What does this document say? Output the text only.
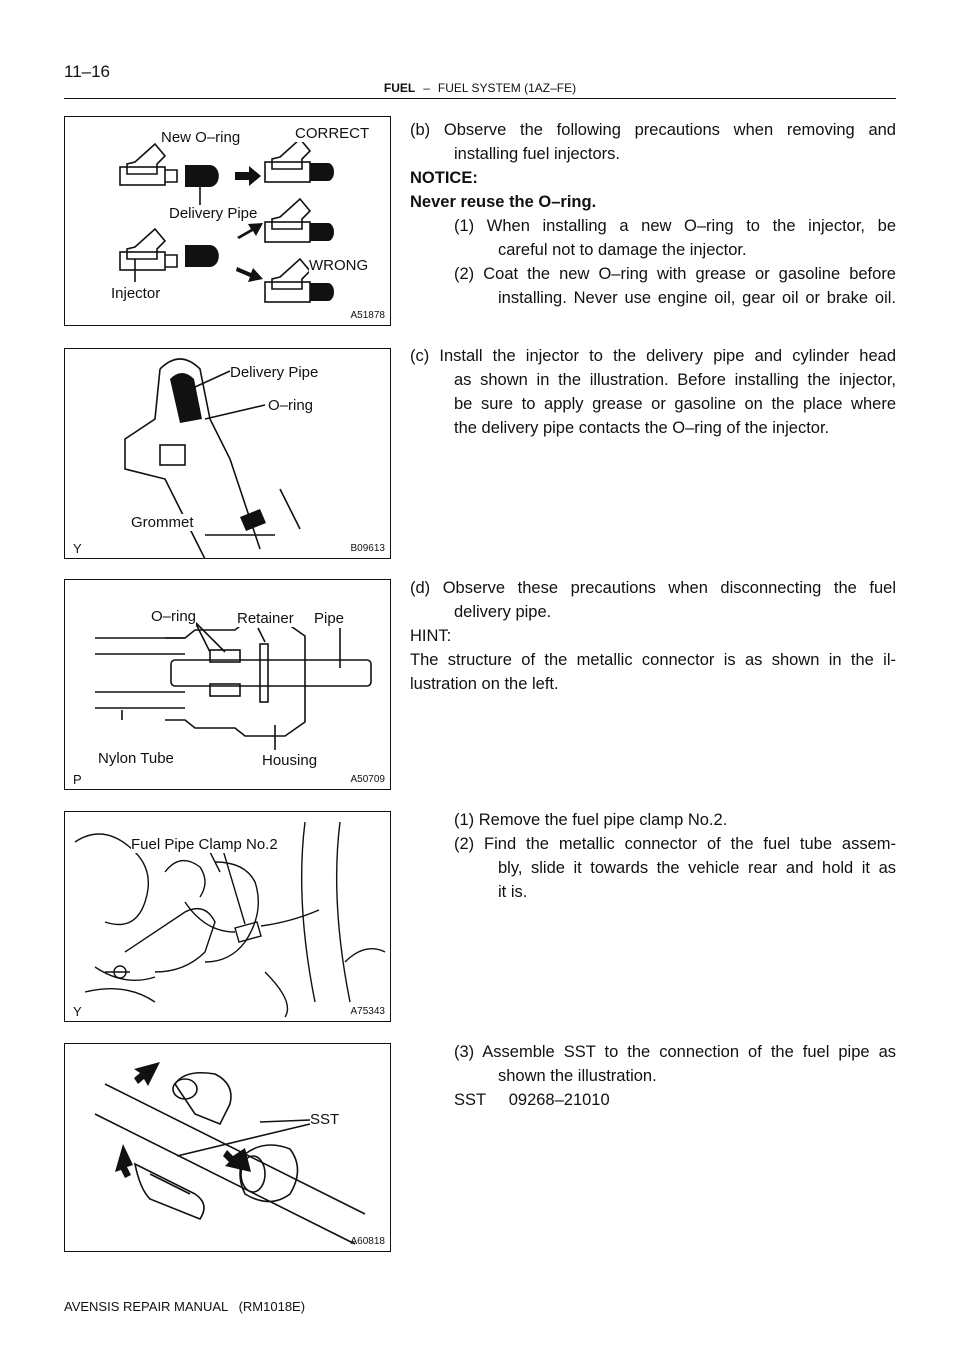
11–16
FUEL – FUEL SYSTEM (1AZ–FE)
New O–ring	CORRECT
Delivery Pipe
WRONG
Injector
A51878
Delivery Pipe
O–ring
Grommet
Y	B09613
O–ring	Retainer Pipe
Nylon Tube	Housing
P	A50709
Fuel Pipe Clamp No.2
Y	A75343
SST
A60818
(b) Observe the following precautions when removing and
installing fuel injectors.
NOTICE:
Never reuse the O–ring.
(1) When installing a new O–ring to the injector, be
careful not to damage the injector.
(2) Coat the new O–ring with grease or gasoline before
installing. Never use engine oil, gear oil or brake oil.
(c) Install the injector to the delivery pipe and cylinder head
as shown in the illustration. Before installing the injector,
be sure to apply grease or gasoline on the place where
the delivery pipe contacts the O–ring of the injector.
(d) Observe these precautions when disconnecting the fuel
delivery pipe.
HINT:
The structure of the metallic connector is as shown in the il-
lustration on the left.
(1) Remove the fuel pipe clamp No.2.
(2) Find the metallic connector of the fuel tube assem-
bly, slide it towards the vehicle rear and hold it as
it is.
(3) Assemble SST to the connection of the fuel pipe as
shown the illustration.
SST     09268–21010
AVENSIS REPAIR MANUAL   (RM1018E)
